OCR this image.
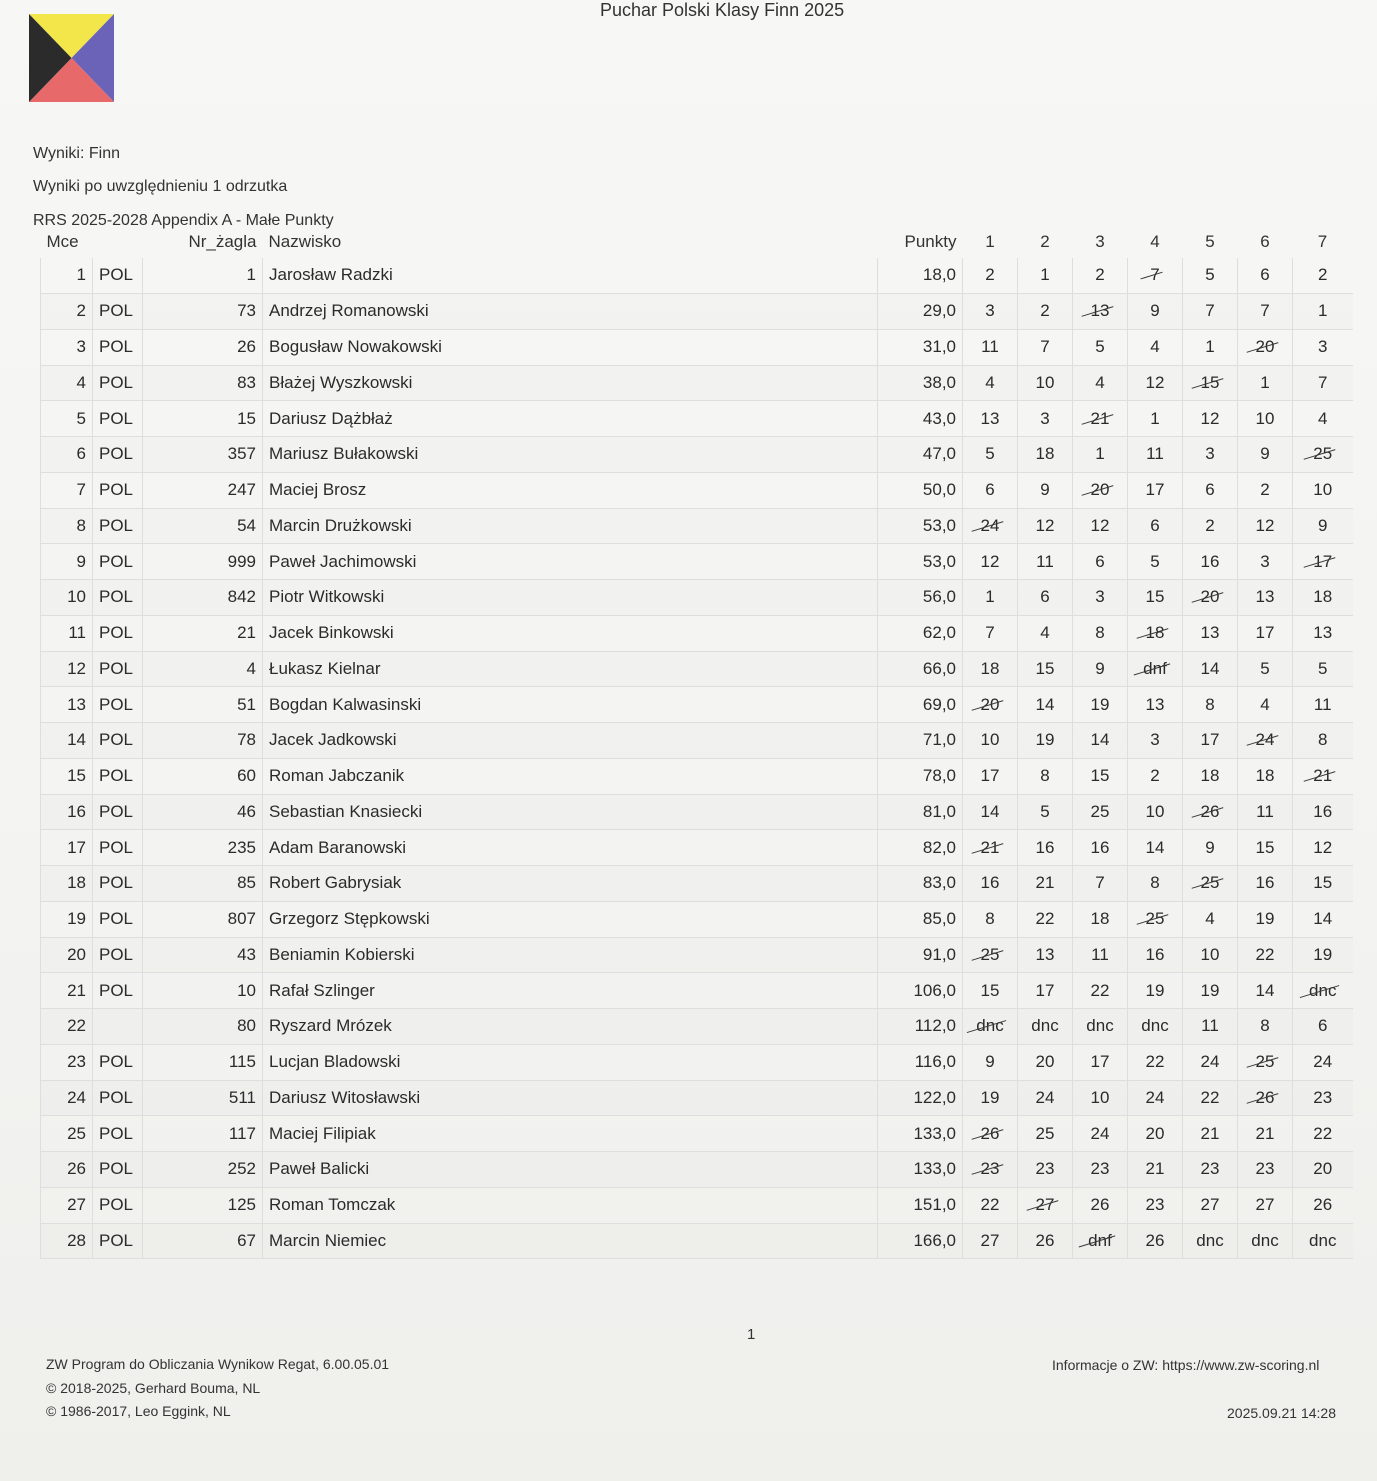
Puchar Polski Klasy Finn 2025
Wyniki: Finn
Wyniki po uwzględnieniu 1 odrzutka
RRS 2025-2028 Appendix A - Małe Punkty
Mce		Nr_żagla	Nazwisko		Punkty	1	2	3	4	5	6	7
1	POL	1	Jarosław Radzki		18,0	2	1	2	7	5	6	2
2	POL	73	Andrzej Romanowski		29,0	3	2	13	9	7	7	1
3	POL	26	Bogusław Nowakowski		31,0	11	7	5	4	1	20	3
4	POL	83	Błażej Wyszkowski		38,0	4	10	4	12	15	1	7
5	POL	15	Dariusz Dążbłaż		43,0	13	3	21	1	12	10	4
6	POL	357	Mariusz Bułakowski		47,0	5	18	1	11	3	9	25
7	POL	247	Maciej Brosz		50,0	6	9	20	17	6	2	10
8	POL	54	Marcin Drużkowski		53,0	24	12	12	6	2	12	9
9	POL	999	Paweł Jachimowski		53,0	12	11	6	5	16	3	17
10	POL	842	Piotr Witkowski		56,0	1	6	3	15	20	13	18
11	POL	21	Jacek Binkowski		62,0	7	4	8	18	13	17	13
12	POL	4	Łukasz Kielnar		66,0	18	15	9	dnf	14	5	5
13	POL	51	Bogdan Kalwasinski		69,0	20	14	19	13	8	4	11
14	POL	78	Jacek Jadkowski		71,0	10	19	14	3	17	24	8
15	POL	60	Roman Jabczanik		78,0	17	8	15	2	18	18	21
16	POL	46	Sebastian Knasiecki		81,0	14	5	25	10	26	11	16
17	POL	235	Adam Baranowski		82,0	21	16	16	14	9	15	12
18	POL	85	Robert Gabrysiak		83,0	16	21	7	8	25	16	15
19	POL	807	Grzegorz Stępkowski		85,0	8	22	18	25	4	19	14
20	POL	43	Beniamin Kobierski		91,0	25	13	11	16	10	22	19
21	POL	10	Rafał Szlinger		106,0	15	17	22	19	19	14	dnc
22		80	Ryszard Mrózek		112,0	dnc	dnc	dnc	dnc	11	8	6
23	POL	115	Lucjan Bladowski		116,0	9	20	17	22	24	25	24
24	POL	511	Dariusz Witosławski		122,0	19	24	10	24	22	26	23
25	POL	117	Maciej Filipiak		133,0	26	25	24	20	21	21	22
26	POL	252	Paweł Balicki		133,0	23	23	23	21	23	23	20
27	POL	125	Roman Tomczak		151,0	22	27	26	23	27	27	26
28	POL	67	Marcin Niemiec		166,0	27	26	dnf	26	dnc	dnc	dnc
1
ZW Program do Obliczania Wynikow Regat, 6.00.05.01
© 2018-2025, Gerhard Bouma, NL
© 1986-2017, Leo Eggink, NL
Informacje o ZW: https://www.zw-scoring.nl
2025.09.21 14:28
